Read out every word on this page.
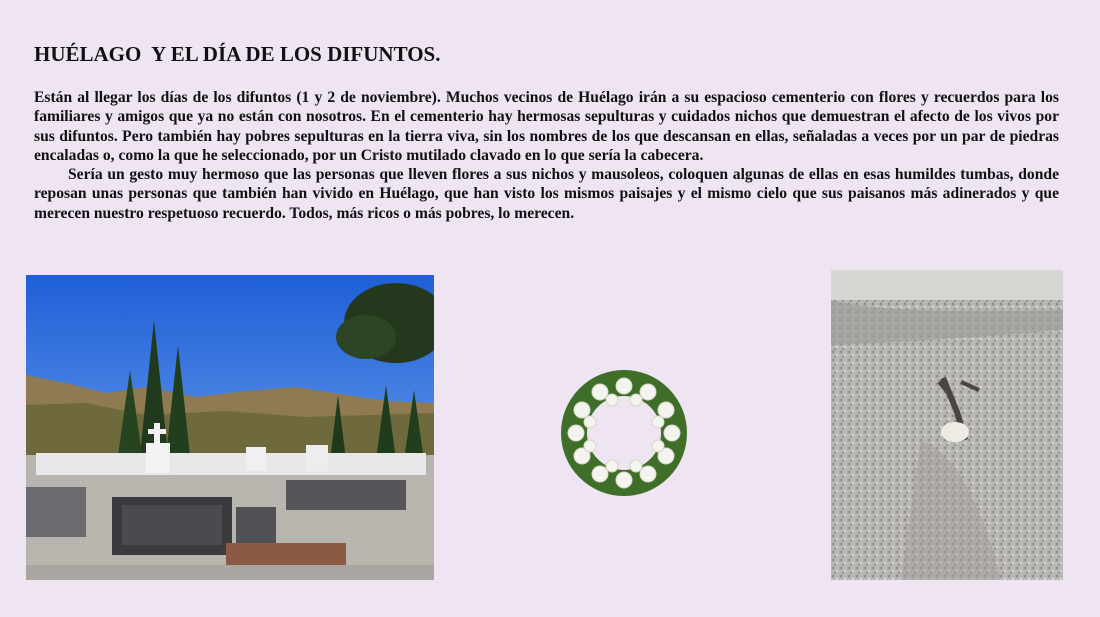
HUÉLAGO  Y EL DÍA DE LOS DIFUNTOS.

Están al llegar los días de los difuntos (1 y 2 de noviembre). Muchos vecinos de Huélago irán a su espacioso cementerio con flores y recuerdos para los familiares y amigos que ya no están con nosotros. En el cementerio hay hermosas sepulturas y cuidados nichos que demuestran el afecto de los vivos por sus difuntos. Pero también hay pobres sepulturas en la tierra viva, sin los nombres de los que descansan en ellas, señaladas a veces por un par de piedras encaladas o, como la que he seleccionado, por un Cristo mutilado clavado en lo que sería la cabecera.

Sería un gesto muy hermoso que las personas que lleven flores a sus nichos y mausoleos, coloquen algunas de ellas en esas humildes tumbas, donde reposan unas personas que también han vivido en Huélago, que han visto los mismos paisajes y el mismo cielo que sus paisanos más adinerados y que merecen nuestro respetuoso recuerdo. Todos, más ricos o más pobres, lo merecen.
